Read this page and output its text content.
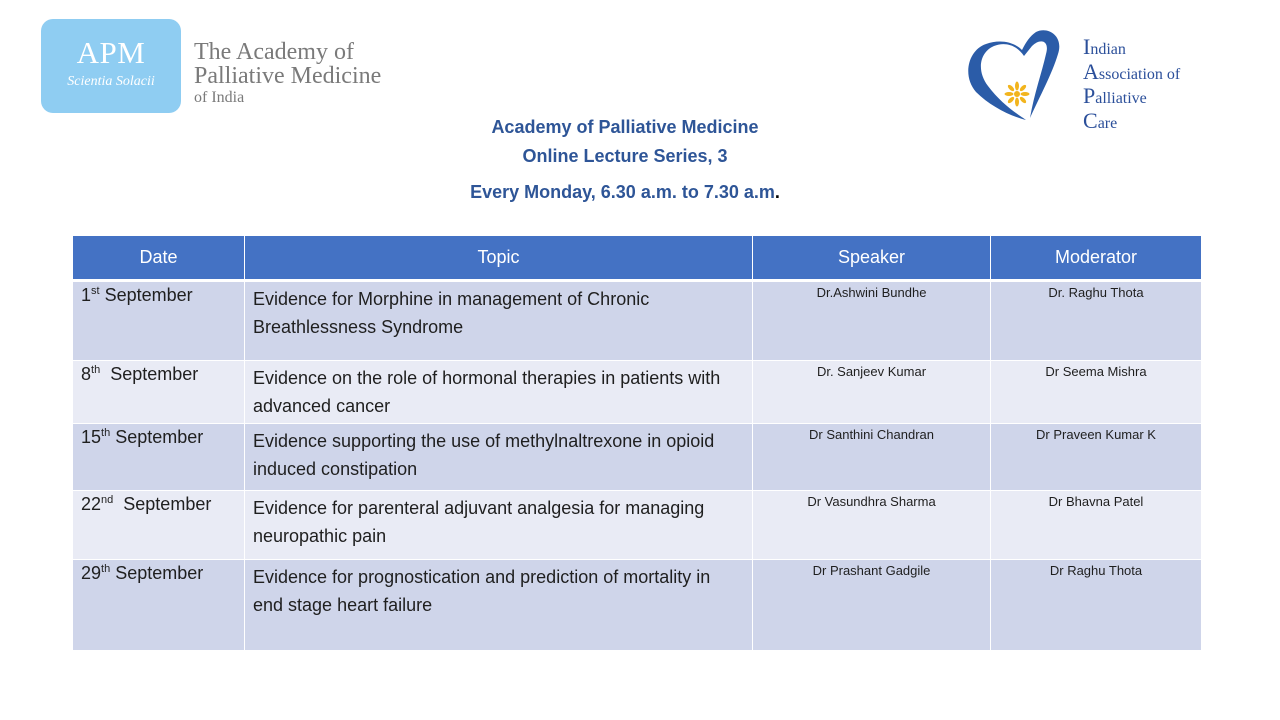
APM
Scientia Solacii
The Academy of
Palliative Medicine
of India
Indian
Association of
Palliative
Care
Academy of Palliative Medicine
Online Lecture Series, 3
Every Monday, 6.30 a.m. to 7.30 a.m.
Date	Topic	Speaker	Moderator
1st September	Evidence for Morphine in management of Chronic Breathlessness Syndrome	Dr.Ashwini Bundhe	Dr. Raghu Thota
8th  September	Evidence on the role of hormonal therapies in patients with advanced cancer	Dr. Sanjeev Kumar	Dr Seema Mishra
15th September	Evidence supporting the use of methylnaltrexone in opioid induced constipation	Dr Santhini Chandran	Dr Praveen Kumar K
22nd  September	Evidence for parenteral adjuvant analgesia for managing neuropathic pain	Dr Vasundhra Sharma	Dr Bhavna Patel
29th September	Evidence for prognostication and prediction of mortality in end stage heart failure	Dr Prashant Gadgile	Dr Raghu Thota
